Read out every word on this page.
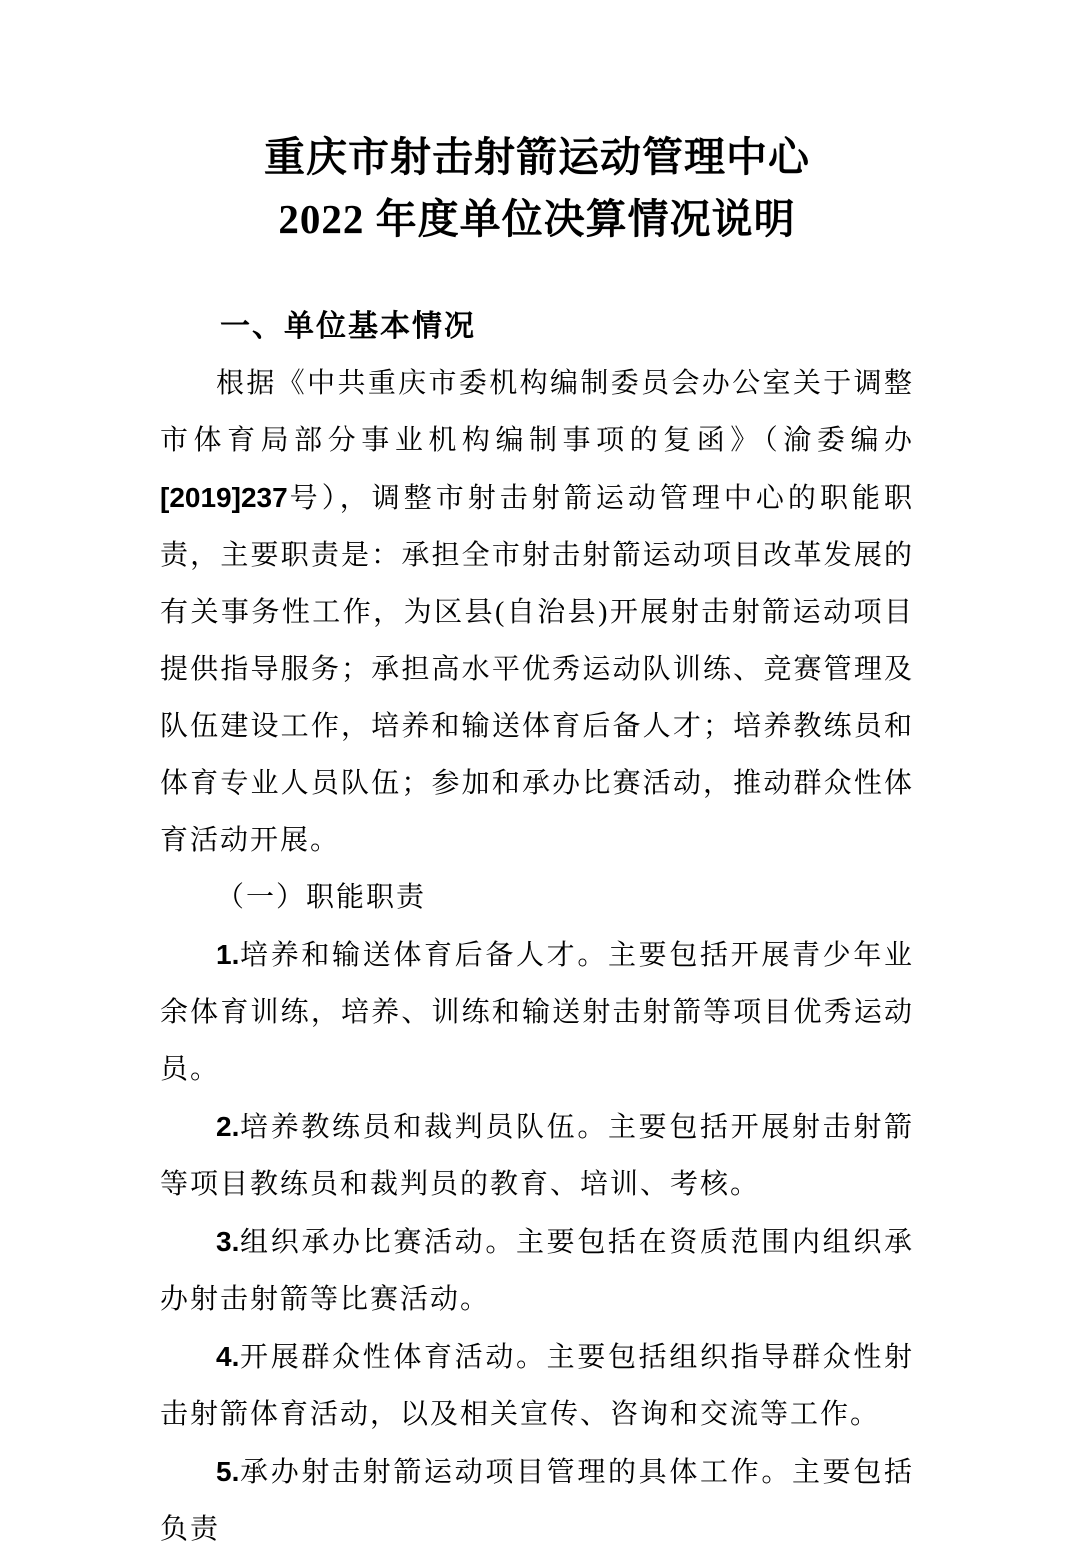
重庆市射击射箭运动管理中心
2022 年度单位决算情况说明
一、单位基本情况

根据《中共重庆市委机构编制委员会办公室关于调整市体育局部分事业机构编制事项的复函》（渝委编办[2019]237号），调整市射击射箭运动管理中心的职能职责，主要职责是：承担全市射击射箭运动项目改革发展的有关事务性工作，为区县(自治县)开展射击射箭运动项目提供指导服务；承担高水平优秀运动队训练、竞赛管理及队伍建设工作，培养和输送体育后备人才；培养教练员和体育专业人员队伍；参加和承办比赛活动，推动群众性体育活动开展。

（一）职能职责

1.培养和输送体育后备人才。主要包括开展青少年业余体育训练，培养、训练和输送射击射箭等项目优秀运动员。

2.培养教练员和裁判员队伍。主要包括开展射击射箭等项目教练员和裁判员的教育、培训、考核。

3.组织承办比赛活动。主要包括在资质范围内组织承办射击射箭等比赛活动。

4.开展群众性体育活动。主要包括组织指导群众性射击射箭体育活动，以及相关宣传、咨询和交流等工作。

5.承办射击射箭运动项目管理的具体工作。主要包括负责
